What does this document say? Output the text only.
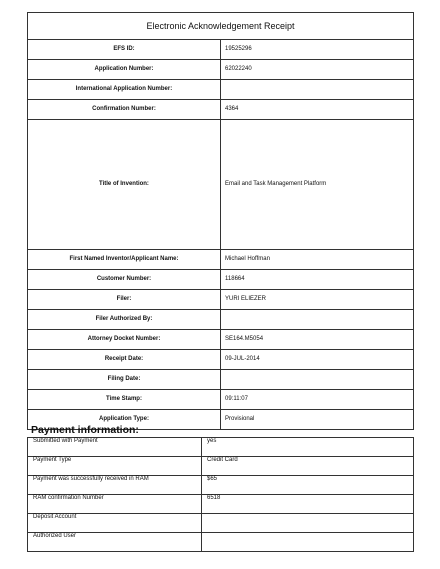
Electronic Acknowledgement Receipt	
EFS ID:	19525296
Application Number:	62022240
International Application Number:	
Confirmation Number:	4364
Title of Invention:	Email and Task Management Platform
First Named Inventor/Applicant Name:	Michael Hoffman
Customer Number:	118664
Filer:	YURI ELIEZER
Filer Authorized By:	
Attorney Docket Number:	SE164.M5054
Receipt Date:	09-JUL-2014
Filing Date:	
Time Stamp:	09:11:07
Application Type:	Provisional
Payment information:
Submitted with Payment	yes
Payment Type	Credit Card
Payment was successfully received in RAM	$65
RAM confirmation Number	6518
Deposit Account	
Authorized User	
